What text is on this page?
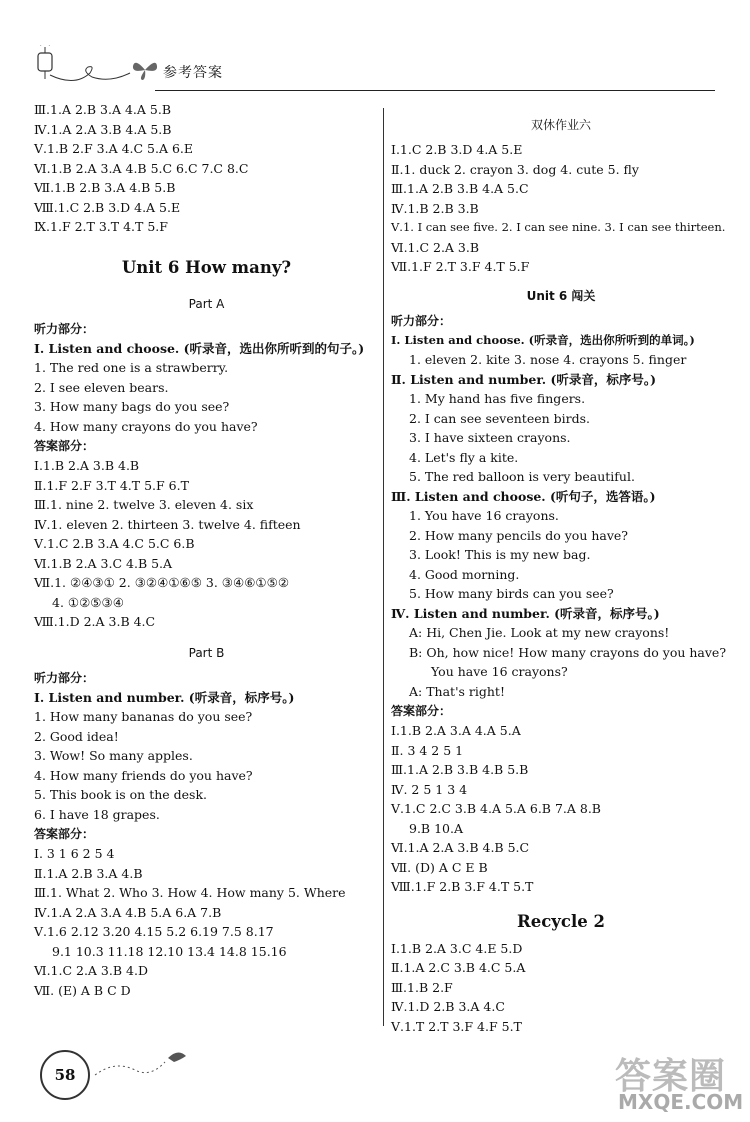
参考答案
Ⅲ.1.A 2.B 3.A 4.A 5.B
Ⅳ.1.A 2.A 3.B 4.A 5.B
Ⅴ.1.B 2.F 3.A 4.C 5.A 6.E
Ⅵ.1.B 2.A 3.A 4.B 5.C 6.C 7.C 8.C
Ⅶ.1.B 2.B 3.A 4.B 5.B
Ⅷ.1.C 2.B 3.D 4.A 5.E
Ⅸ.1.F 2.T 3.T 4.T 5.F
Unit 6 How many?
Part A
听力部分：
Ⅰ. Listen and choose. (听录音，选出你所听到的句子。)
1. The red one is a strawberry.
2. I see eleven bears.
3. How many bags do you see?
4. How many crayons do you have?
答案部分：
Ⅰ.1.B 2.A 3.B 4.B
Ⅱ.1.F 2.F 3.T 4.T 5.F 6.T
Ⅲ.1. nine 2. twelve 3. eleven 4. six
Ⅳ.1. eleven 2. thirteen 3. twelve 4. fifteen
Ⅴ.1.C 2.B 3.A 4.C 5.C 6.B
Ⅵ.1.B 2.A 3.C 4.B 5.A
Ⅶ.1. ②④③① 2. ③②④①⑥⑤ 3. ③④⑥①⑤②
4. ①②⑤③④
Ⅷ.1.D 2.A 3.B 4.C
Part B
听力部分：
Ⅰ. Listen and number. (听录音，标序号。)
1. How many bananas do you see?
2. Good idea!
3. Wow! So many apples.
4. How many friends do you have?
5. This book is on the desk.
6. I have 18 grapes.
答案部分：
Ⅰ. 3 1 6 2 5 4
Ⅱ.1.A 2.B 3.A 4.B
Ⅲ.1. What 2. Who 3. How 4. How many 5. Where
Ⅳ.1.A 2.A 3.A 4.B 5.A 6.A 7.B
Ⅴ.1.6 2.12 3.20 4.15 5.2 6.19 7.5 8.17
9.1 10.3 11.18 12.10 13.4 14.8 15.16
Ⅵ.1.C 2.A 3.B 4.D
Ⅶ. (E) A B C D
双休作业六
Ⅰ.1.C 2.B 3.D 4.A 5.E
Ⅱ.1. duck 2. crayon 3. dog 4. cute 5. fly
Ⅲ.1.A 2.B 3.B 4.A 5.C
Ⅳ.1.B 2.B 3.B
Ⅴ.1. I can see five. 2. I can see nine. 3. I can see thirteen.
Ⅵ.1.C 2.A 3.B
Ⅶ.1.F 2.T 3.F 4.T 5.F
Unit 6 闯关
听力部分：
Ⅰ. Listen and choose. (听录音，选出你所听到的单词。)
1. eleven 2. kite 3. nose 4. crayons 5. finger
Ⅱ. Listen and number. (听录音，标序号。)
1. My hand has five fingers.
2. I can see seventeen birds.
3. I have sixteen crayons.
4. Let's fly a kite.
5. The red balloon is very beautiful.
Ⅲ. Listen and choose. (听句子，选答语。)
1. You have 16 crayons.
2. How many pencils do you have?
3. Look! This is my new bag.
4. Good morning.
5. How many birds can you see?
Ⅳ. Listen and number. (听录音，标序号。)
A: Hi, Chen Jie. Look at my new crayons!
B: Oh, how nice! How many crayons do you have?
You have 16 crayons?
A: That's right!
答案部分：
Ⅰ.1.B 2.A 3.A 4.A 5.A
Ⅱ. 3 4 2 5 1
Ⅲ.1.A 2.B 3.B 4.B 5.B
Ⅳ. 2 5 1 3 4
Ⅴ.1.C 2.C 3.B 4.A 5.A 6.B 7.A 8.B
9.B 10.A
Ⅵ.1.A 2.A 3.B 4.B 5.C
Ⅶ. (D) A C E B
Ⅷ.1.F 2.B 3.F 4.T 5.T
Recycle 2
Ⅰ.1.B 2.A 3.C 4.E 5.D
Ⅱ.1.A 2.C 3.B 4.C 5.A
Ⅲ.1.B 2.F
Ⅳ.1.D 2.B 3.A 4.C
Ⅴ.1.T 2.T 3.F 4.F 5.T
58	答案圈
MXQE.COM
